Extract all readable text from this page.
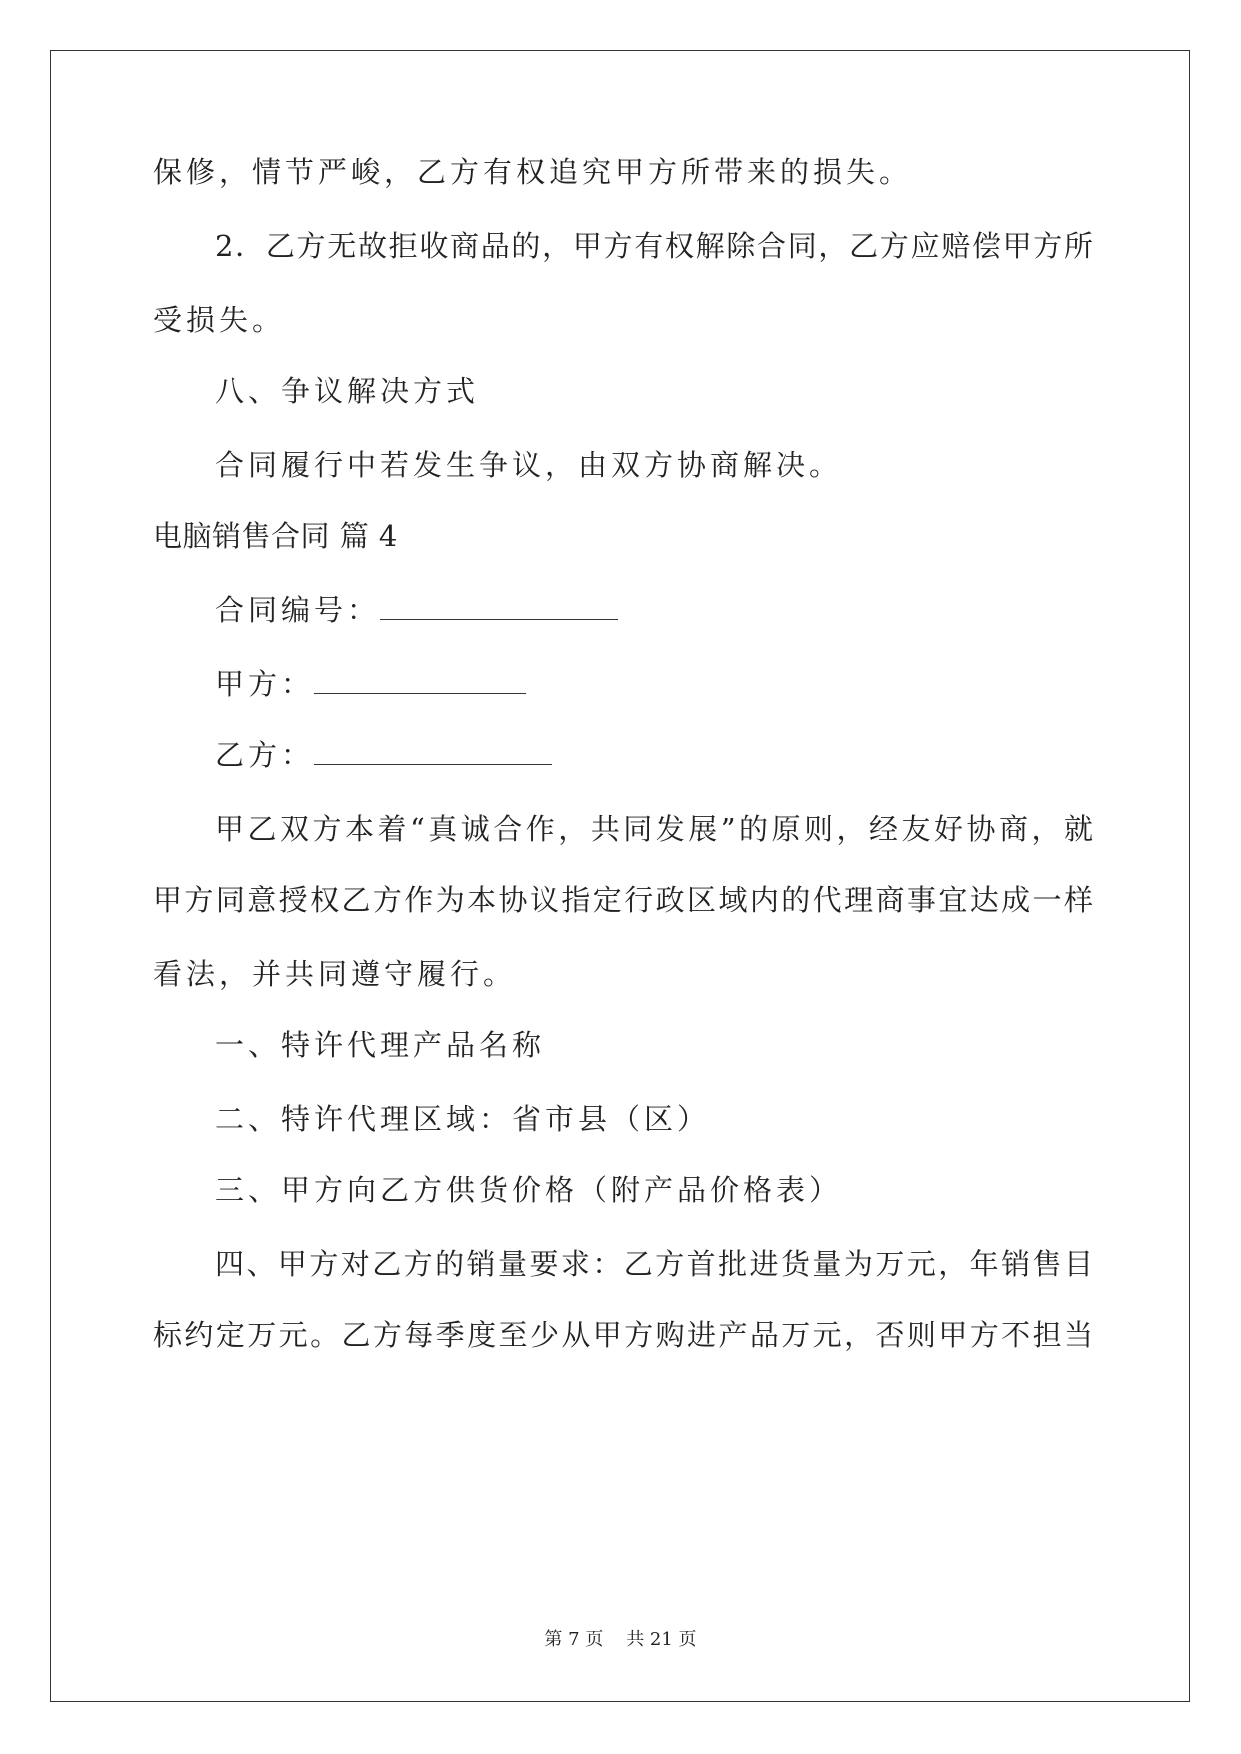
保修，情节严峻，乙方有权追究甲方所带来的损失。
2．乙方无故拒收商品的，甲方有权解除合同，乙方应赔偿甲方所
受损失。
八、争议解决方式
合同履行中若发生争议，由双方协商解决。
电脑销售合同 篇 4
合同编号：
甲方：
乙方：
甲乙双方本着“真诚合作，共同发展”的原则，经友好协商，就
甲方同意授权乙方作为本协议指定行政区域内的代理商事宜达成一样
看法，并共同遵守履行。
一、特许代理产品名称
二、特许代理区域：省市县（区）
三、甲方向乙方供货价格（附产品价格表）
四、甲方对乙方的销量要求：乙方首批进货量为万元，年销售目
标约定万元。乙方每季度至少从甲方购进产品万元，否则甲方不担当
第 7 页    共 21 页
